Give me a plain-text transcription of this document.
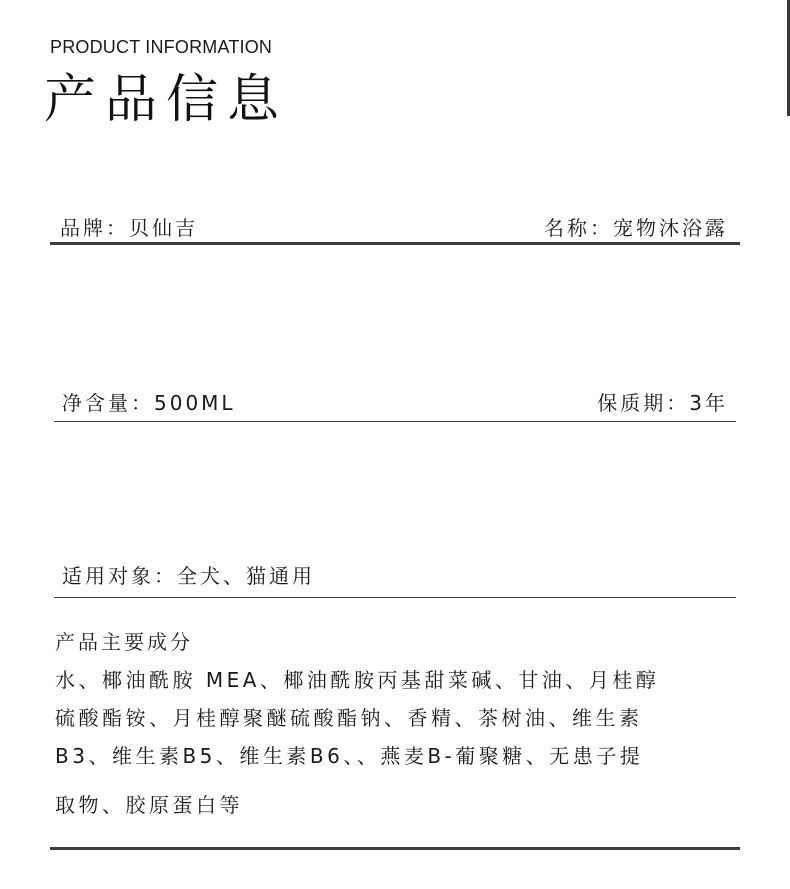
PRODUCT INFORMATION
产品信息
品牌：贝仙吉	名称：宠物沐浴露
净含量：500ML	保质期：3年
适用对象：全犬、猫通用
产品主要成分
水、椰油酰胺 MEA、椰油酰胺丙基甜菜碱、甘油、月桂醇
硫酸酯铵、月桂醇聚醚硫酸酯钠、香精、茶树油、维生素
B3、维生素B5、维生素B6、、燕麦B-葡聚糖、无患子提
取物、胶原蛋白等
